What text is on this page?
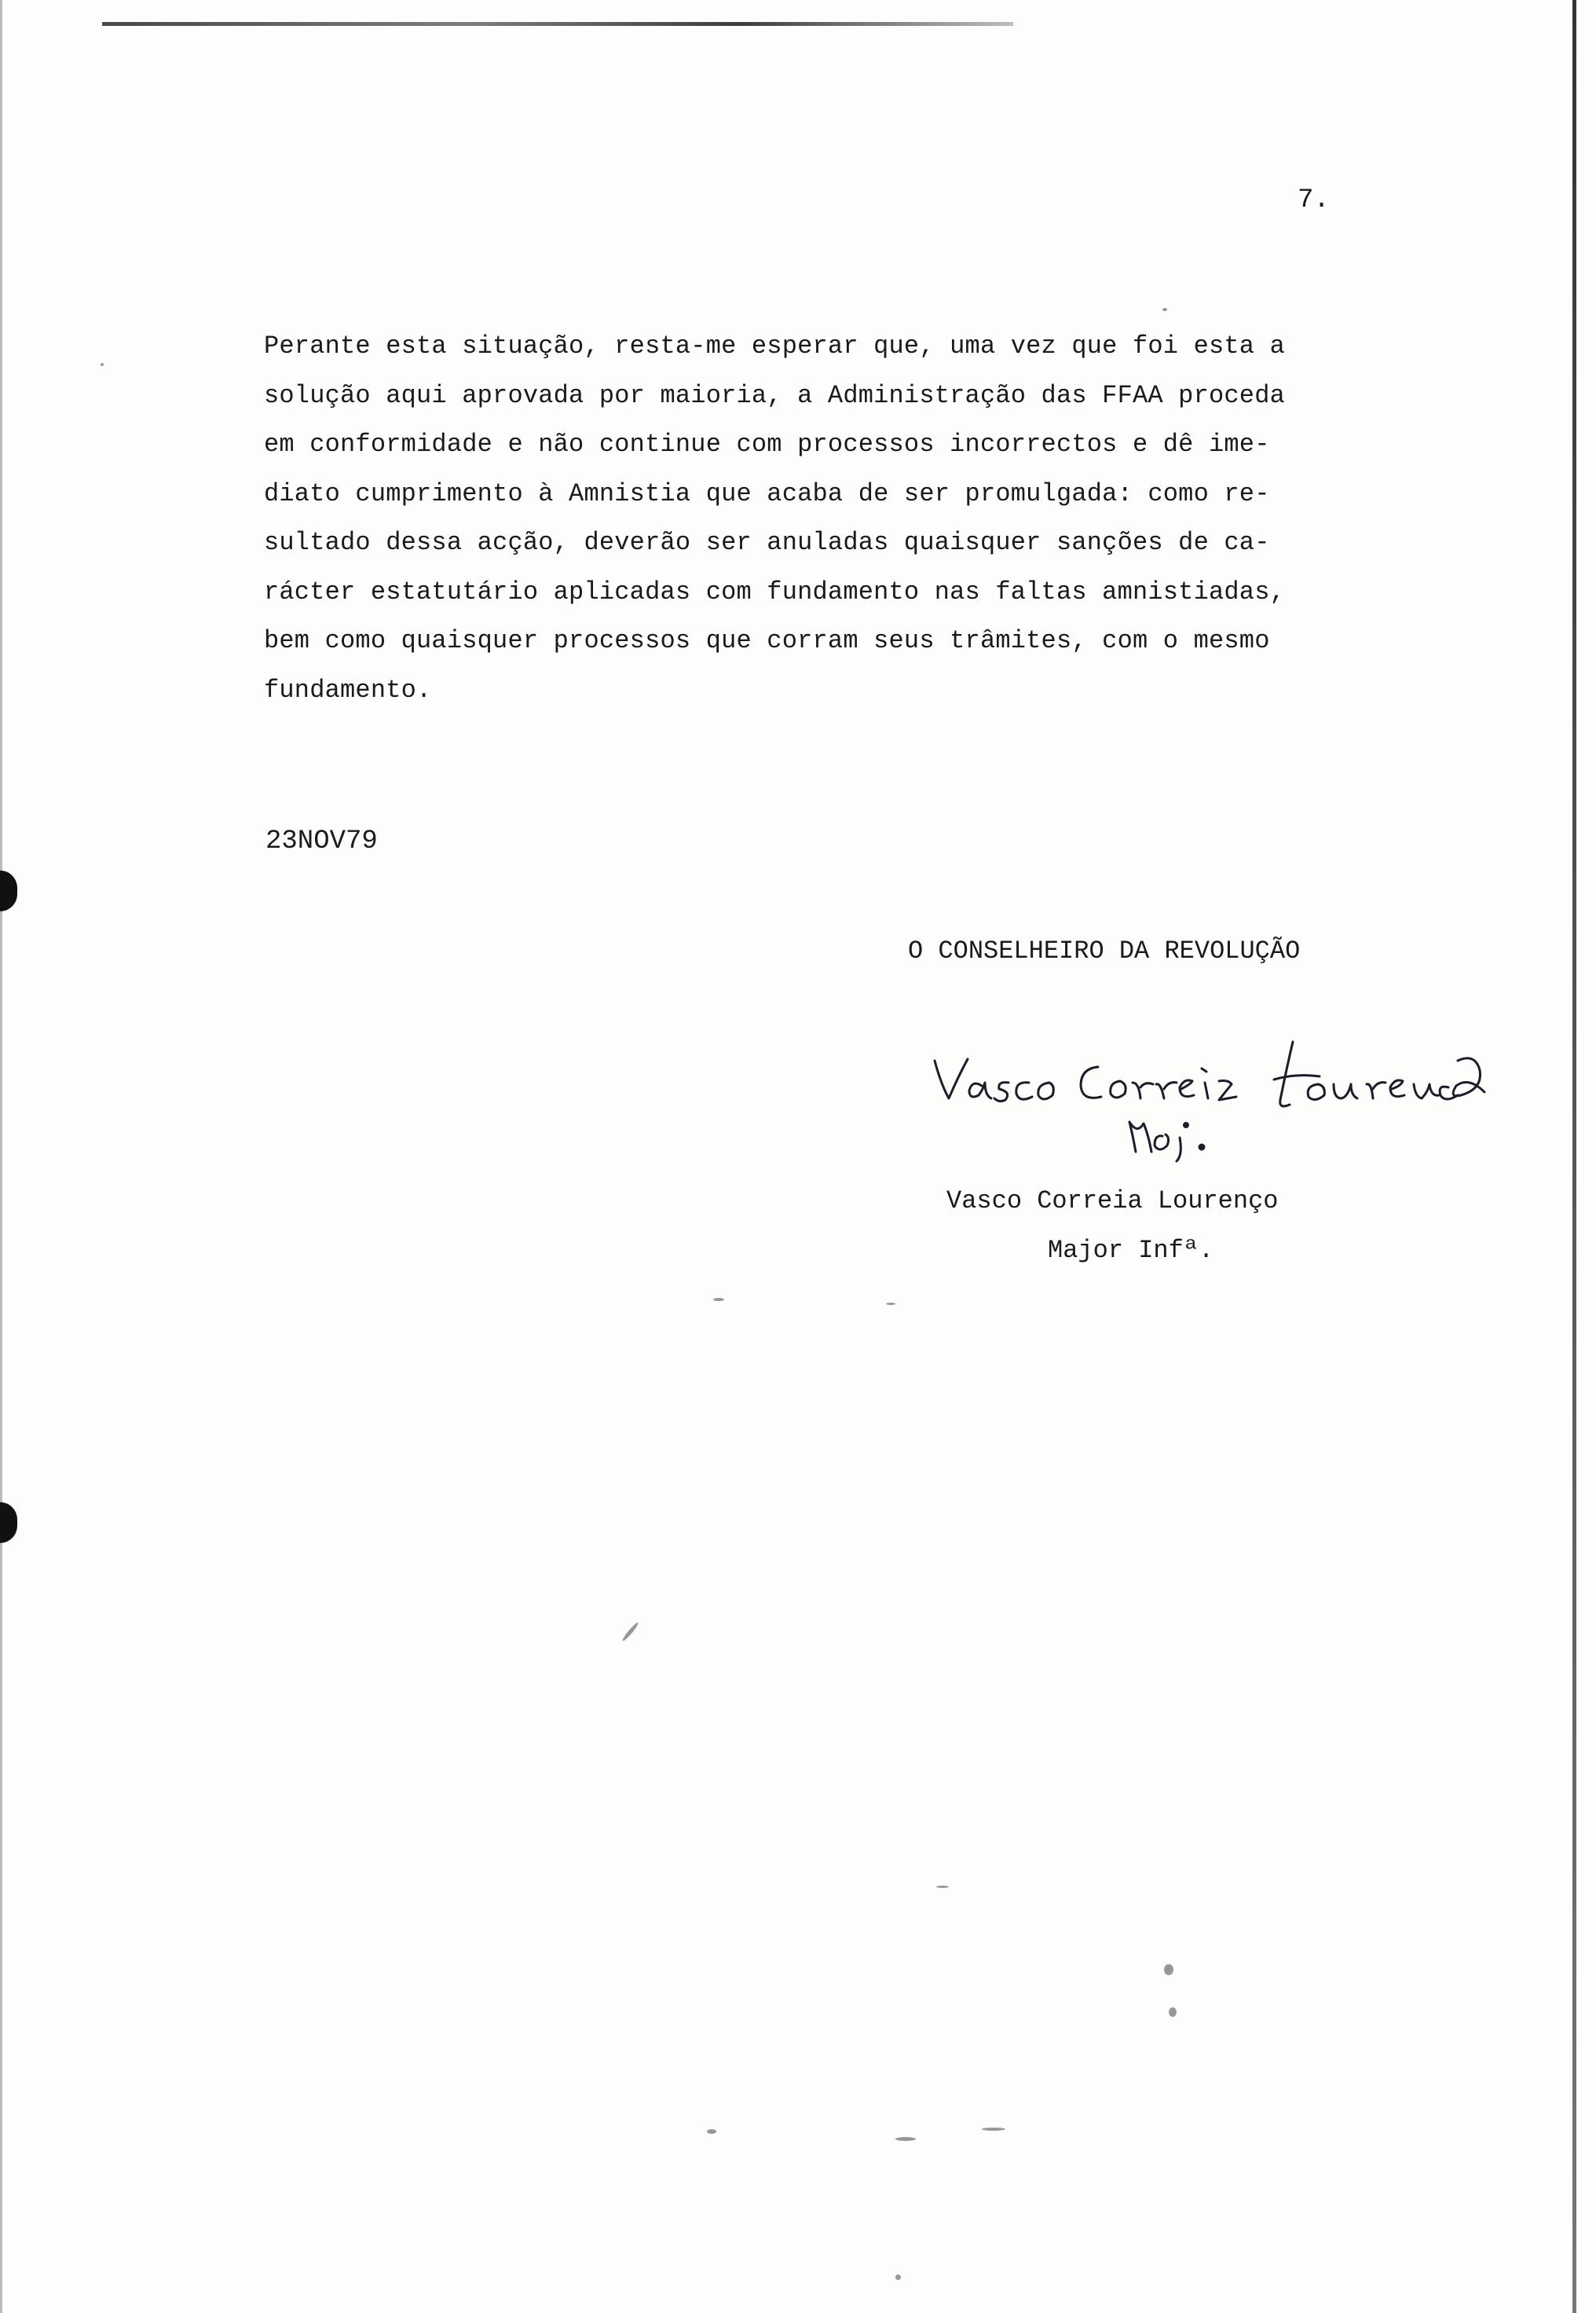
7.

Perante esta situação, resta-me esperar que, uma vez que foi esta a
solução aqui aprovada por maioria, a Administração das FFAA proceda
em conformidade e não continue com processos incorrectos e dê ime-
diato cumprimento à Amnistia que acaba de ser promulgada: como re-
sultado dessa acção, deverão ser anuladas quaisquer sanções de ca-
rácter estatutário aplicadas com fundamento nas faltas amnistiadas,
bem como quaisquer processos que corram seus trâmites, com o mesmo
fundamento.

23NOV79

O CONSELHEIRO DA REVOLUÇÃO

Vasco Correia Lourenço

Major Infª.
